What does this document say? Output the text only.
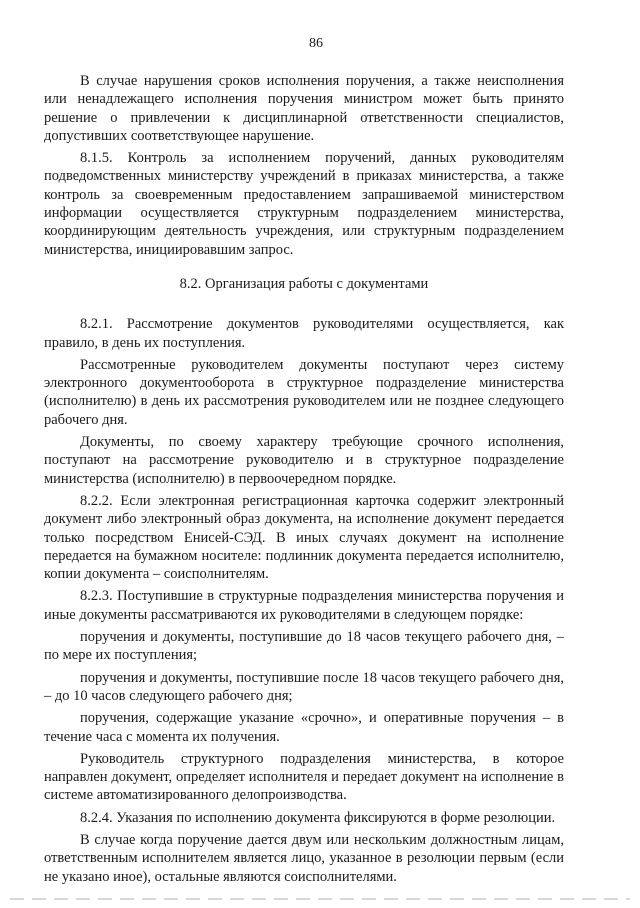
86

В случае нарушения сроков исполнения поручения, а также неисполнения или ненадлежащего исполнения поручения министром может быть принято решение о привлечении к дисциплинарной ответственности специалистов, допустивших соответствующее нарушение.

8.1.5. Контроль за исполнением поручений, данных руководителям подведомственных министерству учреждений в приказах министерства, а также контроль за своевременным предоставлением запрашиваемой министерством информации осуществляется структурным подразделением министерства, координирующим деятельность учреждения, или структурным подразделением министерства, инициировавшим запрос.

8.2. Организация работы с документами

8.2.1. Рассмотрение документов руководителями осуществляется, как правило, в день их поступления.

Рассмотренные руководителем документы поступают через систему электронного документооборота в структурное подразделение министерства (исполнителю) в день их рассмотрения руководителем или не позднее следующего рабочего дня.

Документы, по своему характеру требующие срочного исполнения, поступают на рассмотрение руководителю и в структурное подразделение министерства (исполнителю) в первоочередном порядке.

8.2.2. Если электронная регистрационная карточка содержит электронный документ либо электронный образ документа, на исполнение документ передается только посредством Енисей-СЭД. В иных случаях документ на исполнение передается на бумажном носителе: подлинник документа передается исполнителю, копии документа – соисполнителям.

8.2.3. Поступившие в структурные подразделения министерства поручения и иные документы рассматриваются их руководителями в следующем порядке:

поручения и документы, поступившие до 18 часов текущего рабочего дня, – по мере их поступления;

поручения и документы, поступившие после 18 часов текущего рабочего дня, – до 10 часов следующего рабочего дня;

поручения, содержащие указание «срочно», и оперативные поручения – в течение часа с момента их получения.

Руководитель структурного подразделения министерства, в которое направлен документ, определяет исполнителя и передает документ на исполнение в системе автоматизированного делопроизводства.

8.2.4. Указания по исполнению документа фиксируются в форме резолюции.

В случае когда поручение дается двум или нескольким должностным лицам, ответственным исполнителем является лицо, указанное в резолюции первым (если не указано иное), остальные являются соисполнителями.
